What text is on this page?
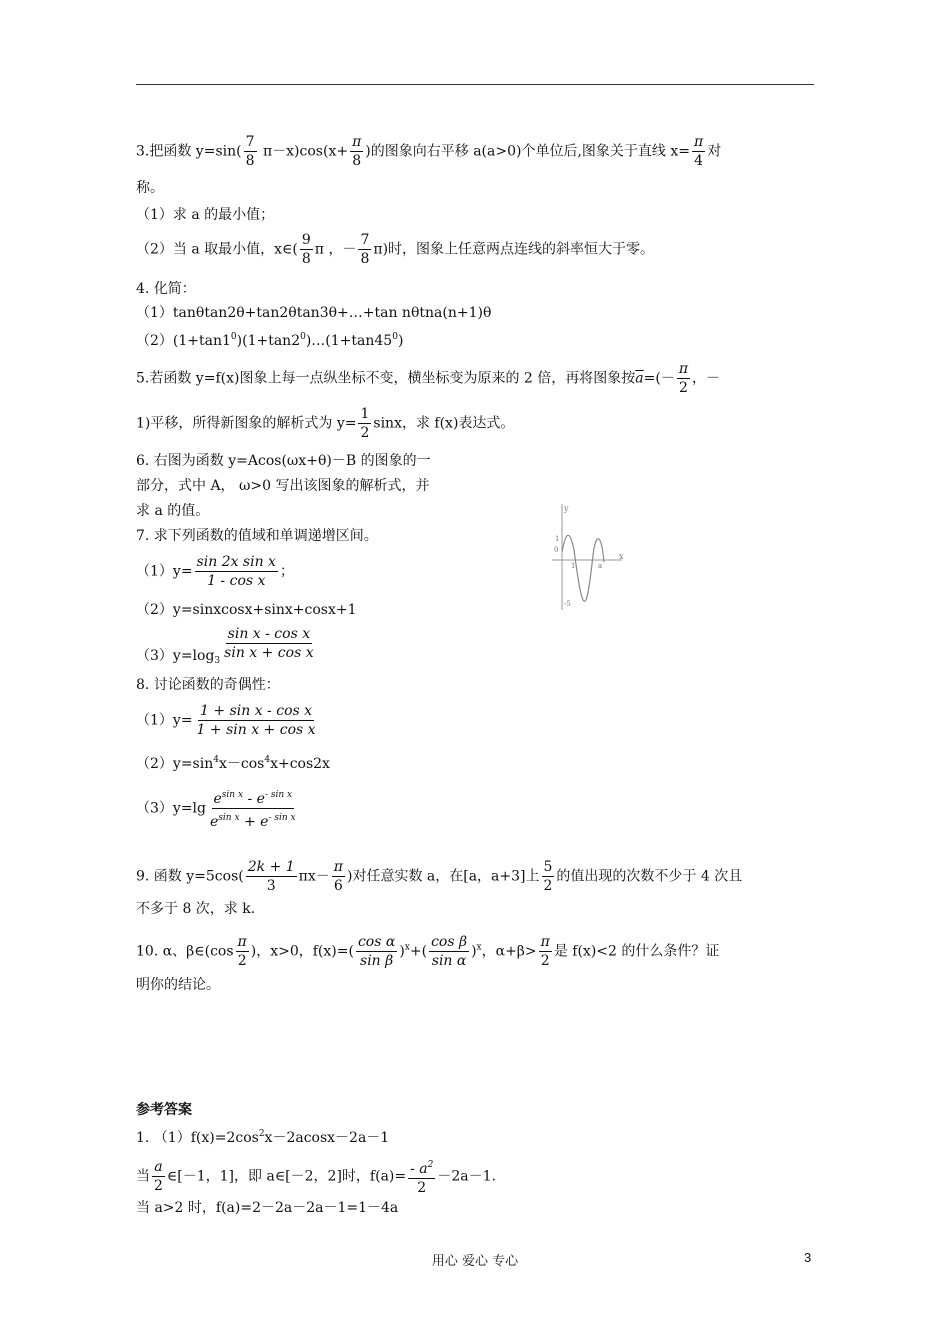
3.把函数 $y=\sin( \frac{7}{8} \pi-x)\cos(x+ \frac{\pi}{8}$ )的图象向右平移 a(a>0)个单位后,图象关于直线 $x= \frac{\pi}{4}$ 对
称。
（1）求 a 的最小值；
（2）当 a 取最小值，x∈( $\frac{9}{8}$ π ，－ $\frac{7}{8} \pi$)时，图象上任意两点连线的斜率恒大于零。
4. 化简：
（1）tanθtan2θ+tan2θtan3θ+…+tan nθtna(n+1)θ
$(2)(1+\tan 1^0)(1+\tan 2^0)\dots(1+\tan 45^0)$
5.若函数 y=f(x)图象上每一点纵坐标不变，横坐标变为原来的 2 倍，再将图象按$\overline{a}=(- \frac{\pi}{2}$ ，－
1)平移，所得新图象的解析式为 $y= \frac{1}{2}$ sinx，求 f(x)表达式。
6. 右图为函数 y=Acos(ωx+θ)－B 的图象的一
部分，式中 A， ω>0 写出该图象的解析式，并
求 a 的值。	y
x
0
1
1	a
-5
7. 求下列函数的值域和单调递增区间。
$(1)y= \frac{\text{sin 2x sin x}}{\text{1 - cos x}}$ ；
（2）y=sinxcosx+sinx+cosx+1
$(3)y=\log_3 \frac{\text{sin x - cos x}}{\text{sin x + cos x}}$
8. 讨论函数的奇偶性：
$(1)y= \frac{\text{1 + sin x - cos x}}{\text{1 + sin x + cos x}}$
$(2)y=\sin^4x-\cos^4x+\cos 2x$
$(3)y=\lg \frac{e^{sin x} - e^{- sin x}}{e^{sin x} + e^{- sin x}}$
9. 函数 $y=5\cos( \frac{2k + 1}{3} \pi x- \frac{\pi}{6}$ )对任意实数 a，在[a，a+3]上 $\frac{5}{2}$ 的值出现的次数不少于 4 次且
不多于 8 次，求 k.
10. α、β∈(cos $\frac{\pi}{2}$ )，x>0，$f(x)=( \frac{\text{cos α}}{\text{sin β}} )^x+( \frac{\text{cos β}}{\text{sin α}} )^x$，$\alpha+\beta> \frac{\pi}{2}$ 是 f(x)<2 的什么条件？证
明你的结论。
参考答案
1. $(1)f(x)=2\cos^2x-2acosx-2a-1$
当 $\frac{a}{2}$ ∈[－1，1]，即 a∈[－2，2]时，$f(a)= \frac{- a^2}{2} -2a-1$.
当 a>2 时，f(a)=2－2a－2a－1=1－4a
用心 爱心 专心	3
